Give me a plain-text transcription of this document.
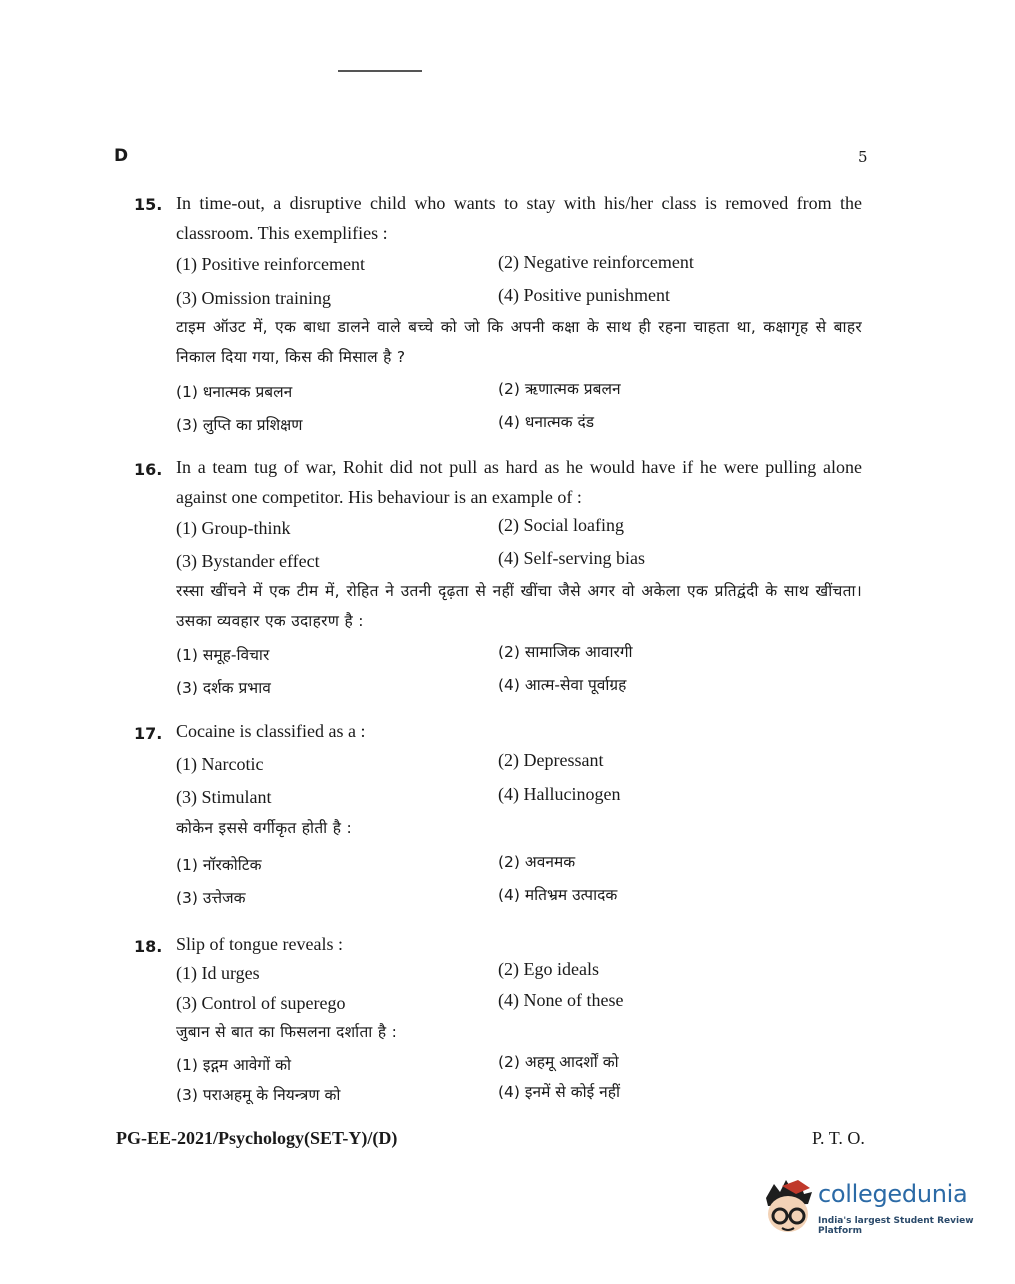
D	5
15. In time-out, a disruptive child who wants to stay with his/her class is removed from the classroom. This exemplifies :
(1) Positive reinforcement	(2) Negative reinforcement
(3) Omission training	(4) Positive punishment
टाइम ऑउट में, एक बाधा डालने वाले बच्चे को जो कि अपनी कक्षा के साथ ही रहना चाहता था, कक्षागृह से बाहर निकाल दिया गया, किस की मिसाल है ?
(1) धनात्मक प्रबलन	(2) ऋणात्मक प्रबलन
(3) लुप्ति का प्रशिक्षण	(4) धनात्मक दंड
16. In a team tug of war, Rohit did not pull as hard as he would have if he were pulling alone against one competitor. His behaviour is an example of :
(1) Group-think	(2) Social loafing
(3) Bystander effect	(4) Self-serving bias
रस्सा खींचने में एक टीम में, रोहित ने उतनी दृढ़ता से नहीं खींचा जैसे अगर वो अकेला एक प्रतिद्वंदी के साथ खींचता। उसका व्यवहार एक उदाहरण है :
(1) समूह-विचार	(2) सामाजिक आवारगी
(3) दर्शक प्रभाव	(4) आत्म-सेवा पूर्वाग्रह
17. Cocaine is classified as a :
(1) Narcotic	(2) Depressant
(3) Stimulant	(4) Hallucinogen
कोकेन इससे वर्गीकृत होती है :
(1) नॉरकोटिक	(2) अवनमक
(3) उत्तेजक	(4) मतिभ्रम उत्पादक
18. Slip of tongue reveals :
(1) Id urges	(2) Ego ideals
(3) Control of superego	(4) None of these
जुबान से बात का फिसलना दर्शाता है :
(1) इद्गम आवेगों को	(2) अहमू आदर्शों को
(3) पराअहमू के नियन्त्रण को	(4) इनमें से कोई नहीं
PG-EE-2021/Psychology(SET-Y)/(D)	P. T. O.
collegedunia
India's largest Student Review Platform
